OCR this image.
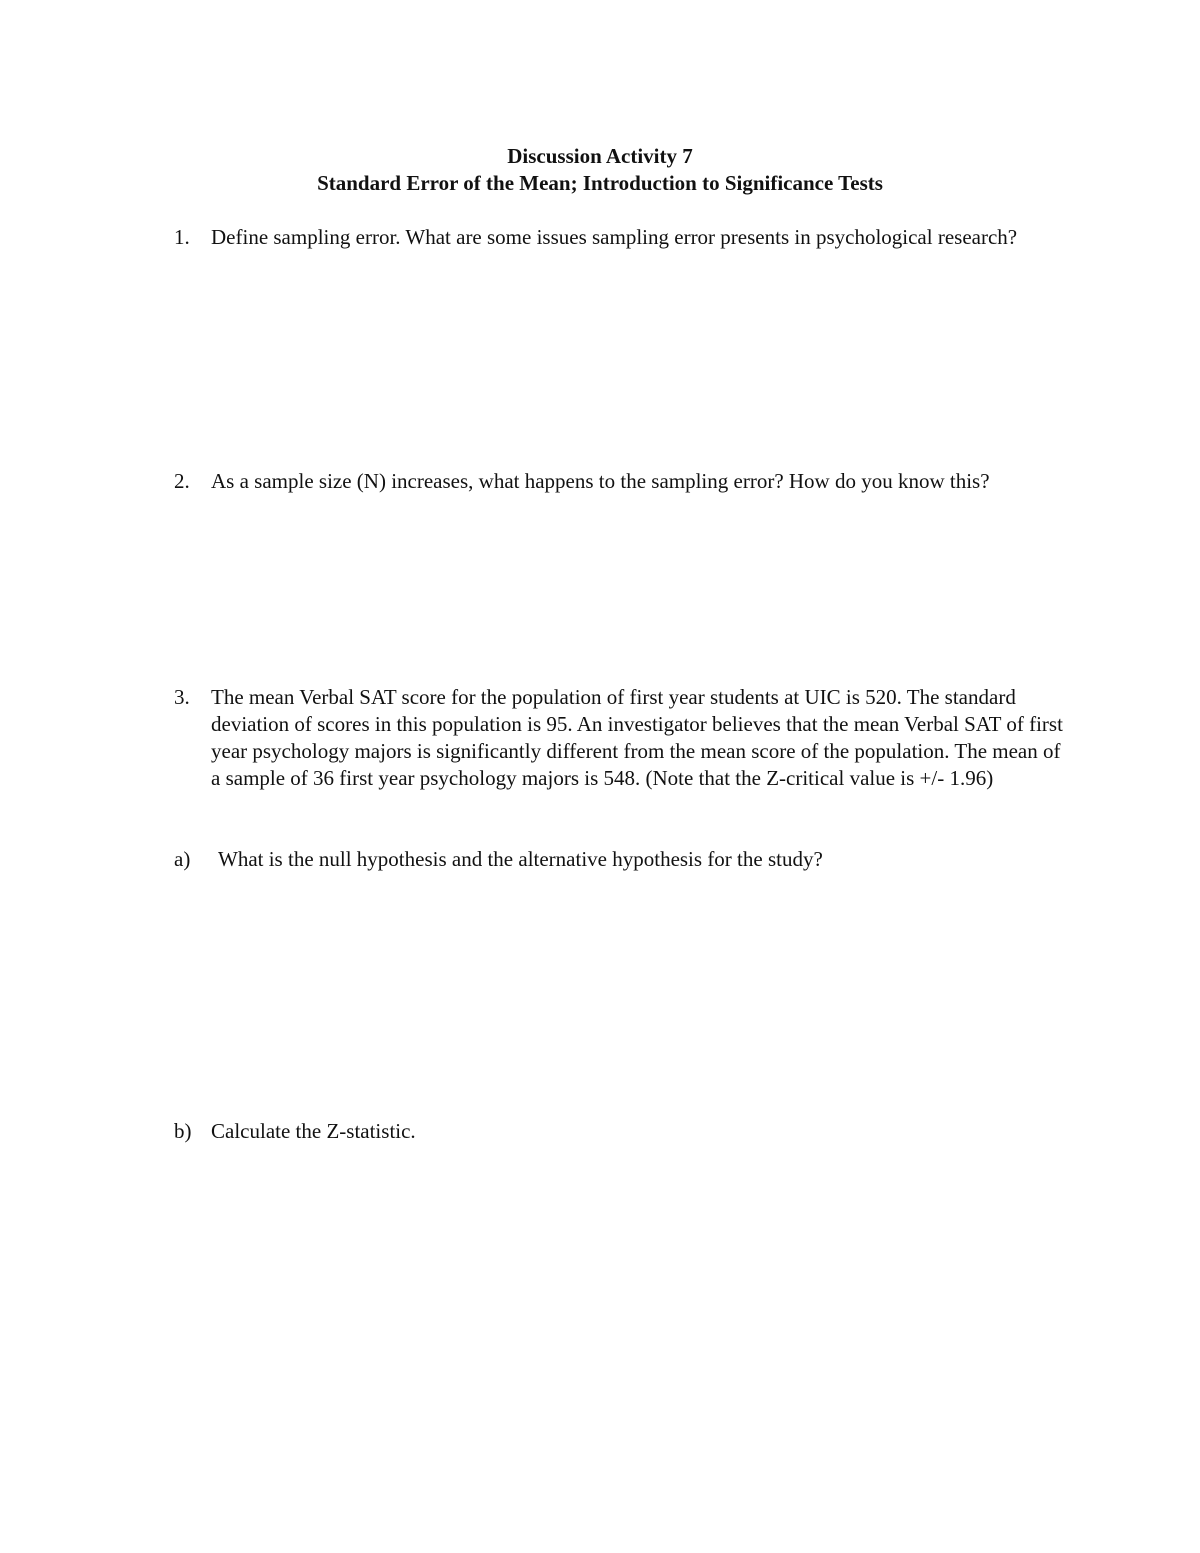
Discussion Activity 7
Standard Error of the Mean; Introduction to Significance Tests
1. Define sampling error. What are some issues sampling error presents in psychological research?
2. As a sample size (N) increases, what happens to the sampling error? How do you know this?
3. The mean Verbal SAT score for the population of first year students at UIC is 520. The standard deviation of scores in this population is 95. An investigator believes that the mean Verbal SAT of first year psychology majors is significantly different from the mean score of the population. The mean of a sample of 36 first year psychology majors is 548. (Note that the Z-critical value is +/- 1.96)
a) What is the null hypothesis and the alternative hypothesis for the study?
b) Calculate the Z-statistic.
